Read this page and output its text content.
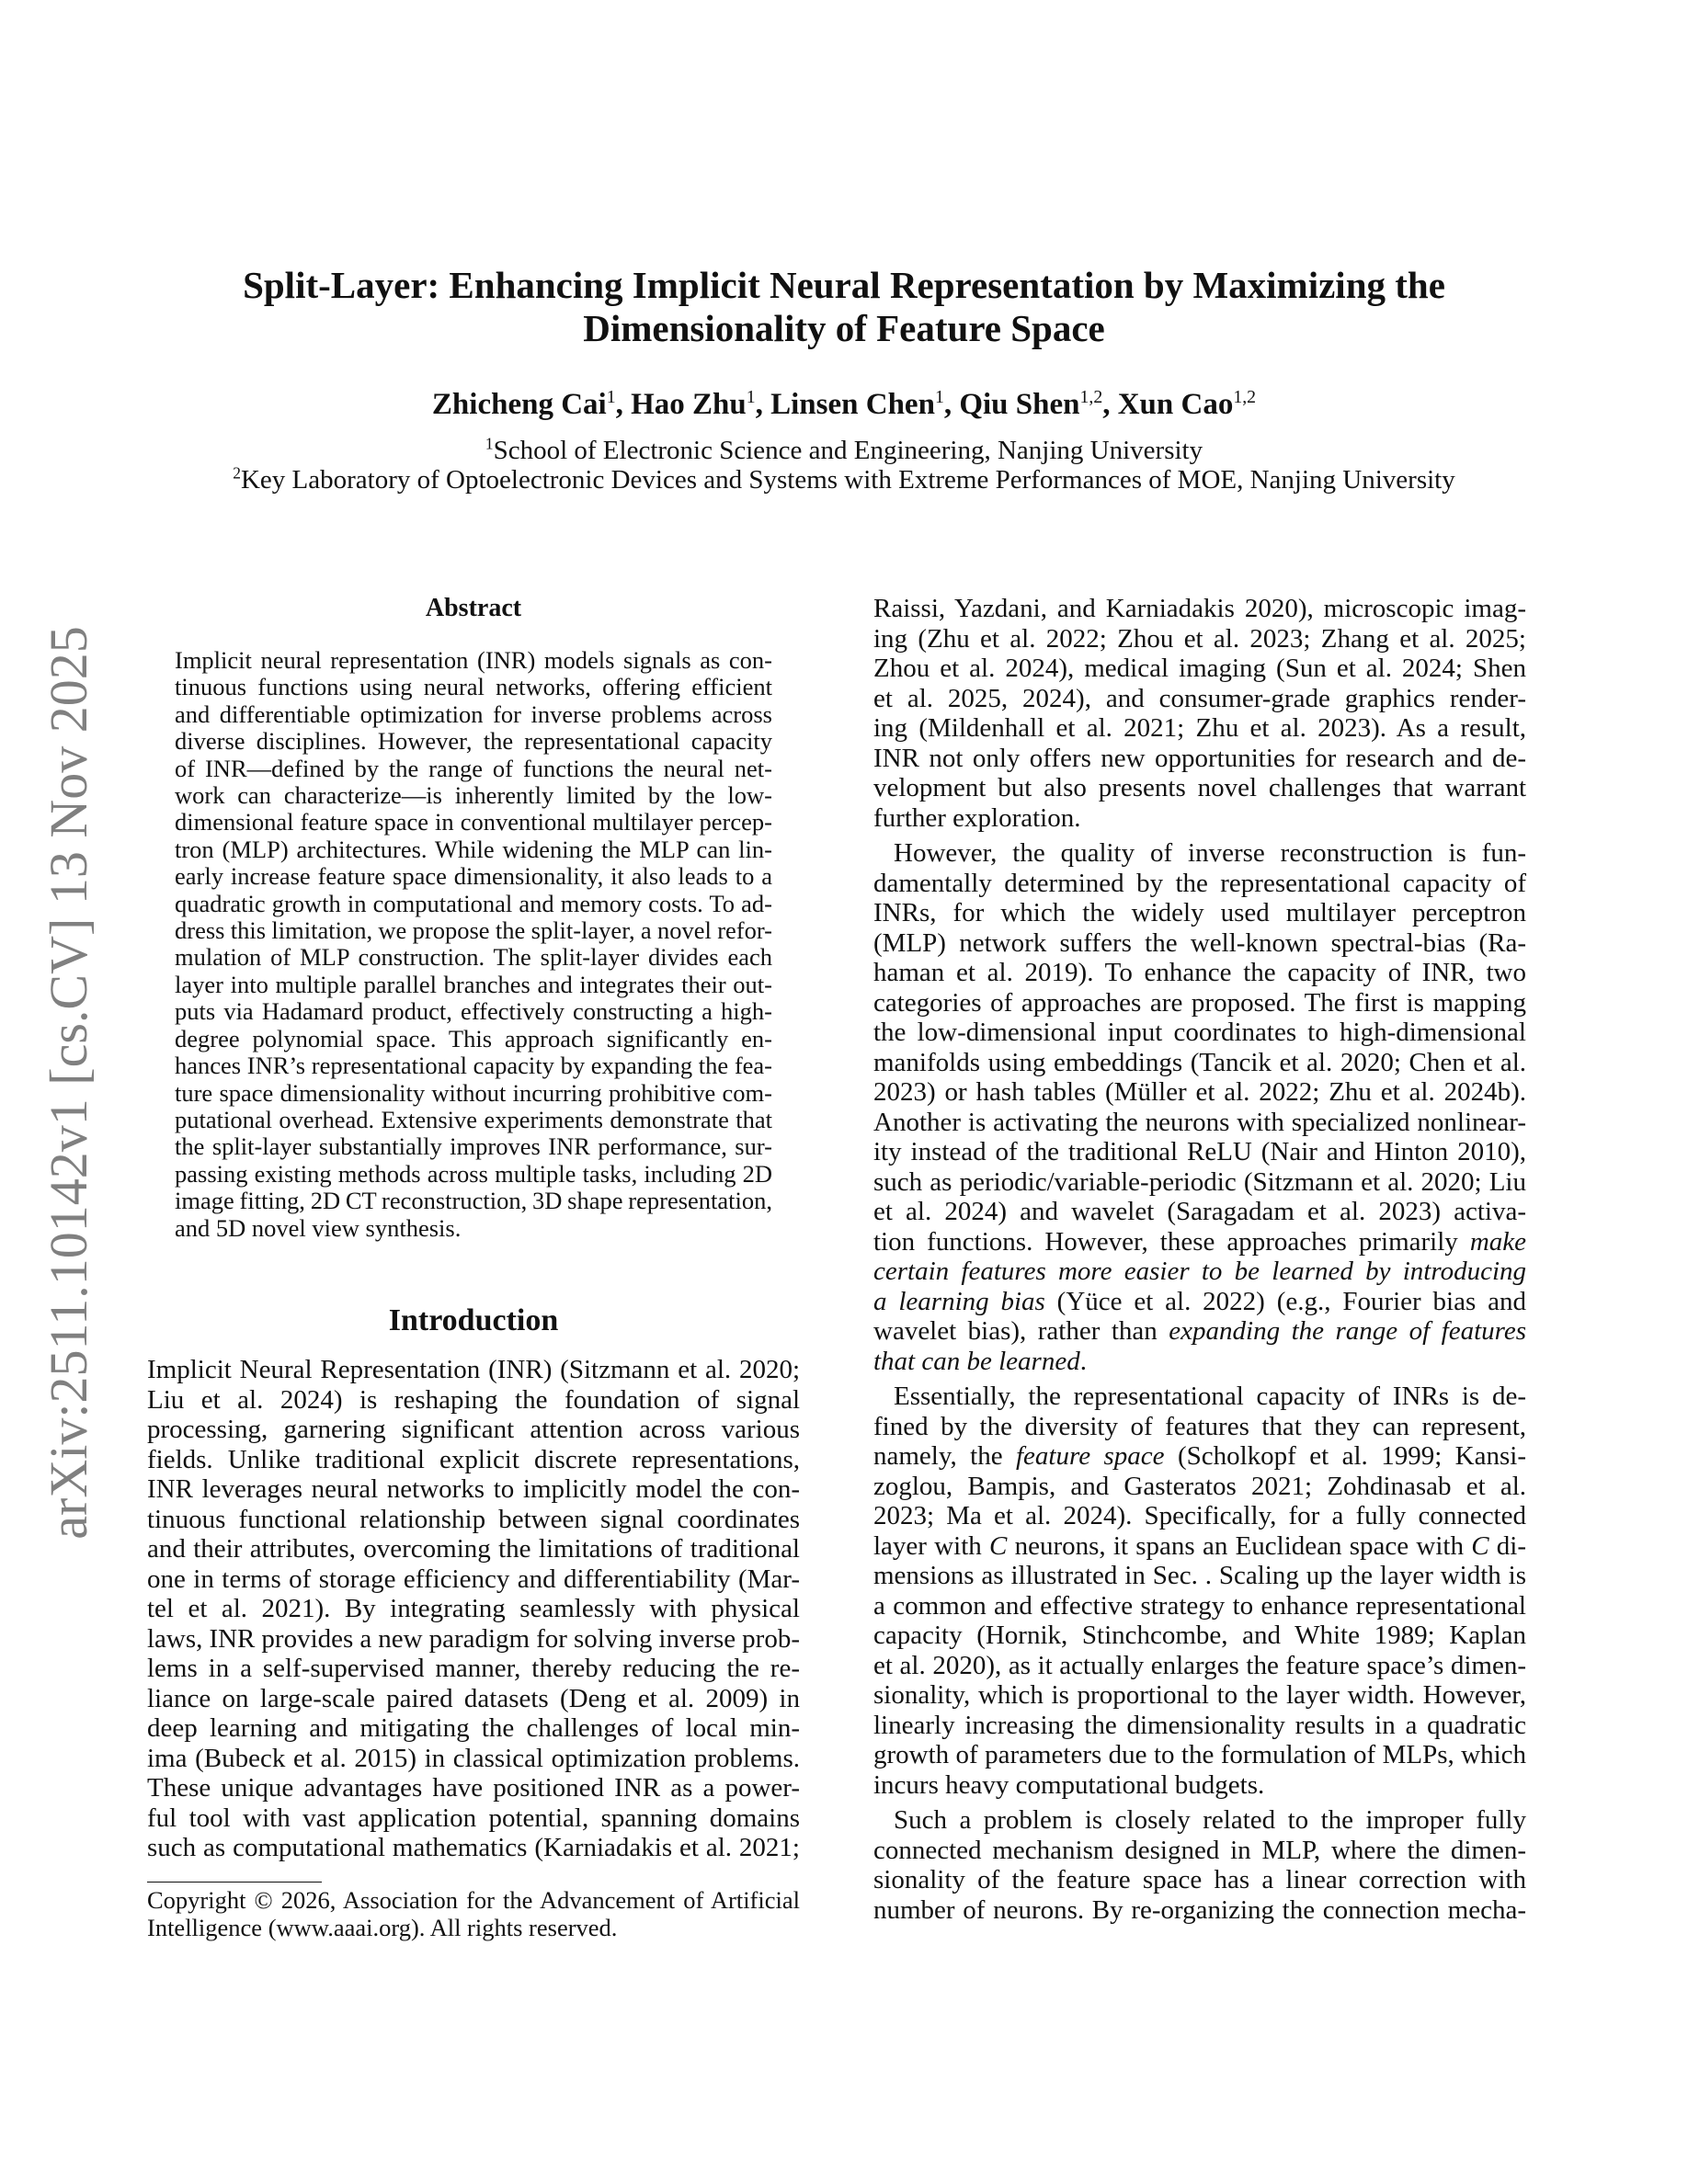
arXiv:2511.10142v1 [cs.CV] 13 Nov 2025
Split-Layer: Enhancing Implicit Neural Representation by Maximizing the
Dimensionality of Feature Space
Zhicheng Cai$^1$, Hao Zhu$^1$, Linsen Chen$^1$, Qiu Shen$^{1,2}$, Xun Cao$^{1,2}$
$^1$School of Electronic Science and Engineering, Nanjing University
$^2$Key Laboratory of Optoelectronic Devices and Systems with Extreme Performances of MOE, Nanjing University
Abstract
Implicit neural representation (INR) models signals as con-
tinuous functions using neural networks, offering efficient
and differentiable optimization for inverse problems across
diverse disciplines. However, the representational capacity
of INR—defined by the range of functions the neural net-
work can characterize—is inherently limited by the low-
dimensional feature space in conventional multilayer percep-
tron (MLP) architectures. While widening the MLP can lin-
early increase feature space dimensionality, it also leads to a
quadratic growth in computational and memory costs. To ad-
dress this limitation, we propose the split-layer, a novel refor-
mulation of MLP construction. The split-layer divides each
layer into multiple parallel branches and integrates their out-
puts via Hadamard product, effectively constructing a high-
degree polynomial space. This approach significantly en-
hances INR’s representational capacity by expanding the fea-
ture space dimensionality without incurring prohibitive com-
putational overhead. Extensive experiments demonstrate that
the split-layer substantially improves INR performance, sur-
passing existing methods across multiple tasks, including 2D
image fitting, 2D CT reconstruction, 3D shape representation,
and 5D novel view synthesis.
Introduction
Implicit Neural Representation (INR) (Sitzmann et al. 2020;
Liu et al. 2024) is reshaping the foundation of signal
processing, garnering significant attention across various
fields. Unlike traditional explicit discrete representations,
INR leverages neural networks to implicitly model the con-
tinuous functional relationship between signal coordinates
and their attributes, overcoming the limitations of traditional
one in terms of storage efficiency and differentiability (Mar-
tel et al. 2021). By integrating seamlessly with physical
laws, INR provides a new paradigm for solving inverse prob-
lems in a self-supervised manner, thereby reducing the re-
liance on large-scale paired datasets (Deng et al. 2009) in
deep learning and mitigating the challenges of local min-
ima (Bubeck et al. 2015) in classical optimization problems.
These unique advantages have positioned INR as a power-
ful tool with vast application potential, spanning domains
such as computational mathematics (Karniadakis et al. 2021;
Copyright © 2026, Association for the Advancement of Artificial
Intelligence (www.aaai.org). All rights reserved.
Raissi, Yazdani, and Karniadakis 2020), microscopic imag-
ing (Zhu et al. 2022; Zhou et al. 2023; Zhang et al. 2025;
Zhou et al. 2024), medical imaging (Sun et al. 2024; Shen
et al. 2025, 2024), and consumer-grade graphics render-
ing (Mildenhall et al. 2021; Zhu et al. 2023). As a result,
INR not only offers new opportunities for research and de-
velopment but also presents novel challenges that warrant
further exploration.
However, the quality of inverse reconstruction is fun-
damentally determined by the representational capacity of
INRs, for which the widely used multilayer perceptron
(MLP) network suffers the well-known spectral-bias (Ra-
haman et al. 2019). To enhance the capacity of INR, two
categories of approaches are proposed. The first is mapping
the low-dimensional input coordinates to high-dimensional
manifolds using embeddings (Tancik et al. 2020; Chen et al.
2023) or hash tables (Müller et al. 2022; Zhu et al. 2024b).
Another is activating the neurons with specialized nonlinear-
ity instead of the traditional ReLU (Nair and Hinton 2010),
such as periodic/variable-periodic (Sitzmann et al. 2020; Liu
et al. 2024) and wavelet (Saragadam et al. 2023) activa-
tion functions. However, these approaches primarily make
certain features more easier to be learned by introducing
a learning bias (Yüce et al. 2022) (e.g., Fourier bias and
wavelet bias), rather than expanding the range of features
that can be learned.
Essentially, the representational capacity of INRs is de-
fined by the diversity of features that they can represent,
namely, the feature space (Scholkopf et al. 1999; Kansi-
zoglou, Bampis, and Gasteratos 2021; Zohdinasab et al.
2023; Ma et al. 2024). Specifically, for a fully connected
layer with C neurons, it spans an Euclidean space with C di-
mensions as illustrated in Sec. . Scaling up the layer width is
a common and effective strategy to enhance representational
capacity (Hornik, Stinchcombe, and White 1989; Kaplan
et al. 2020), as it actually enlarges the feature space’s dimen-
sionality, which is proportional to the layer width. However,
linearly increasing the dimensionality results in a quadratic
growth of parameters due to the formulation of MLPs, which
incurs heavy computational budgets.
Such a problem is closely related to the improper fully
connected mechanism designed in MLP, where the dimen-
sionality of the feature space has a linear correction with
number of neurons. By re-organizing the connection mecha-
